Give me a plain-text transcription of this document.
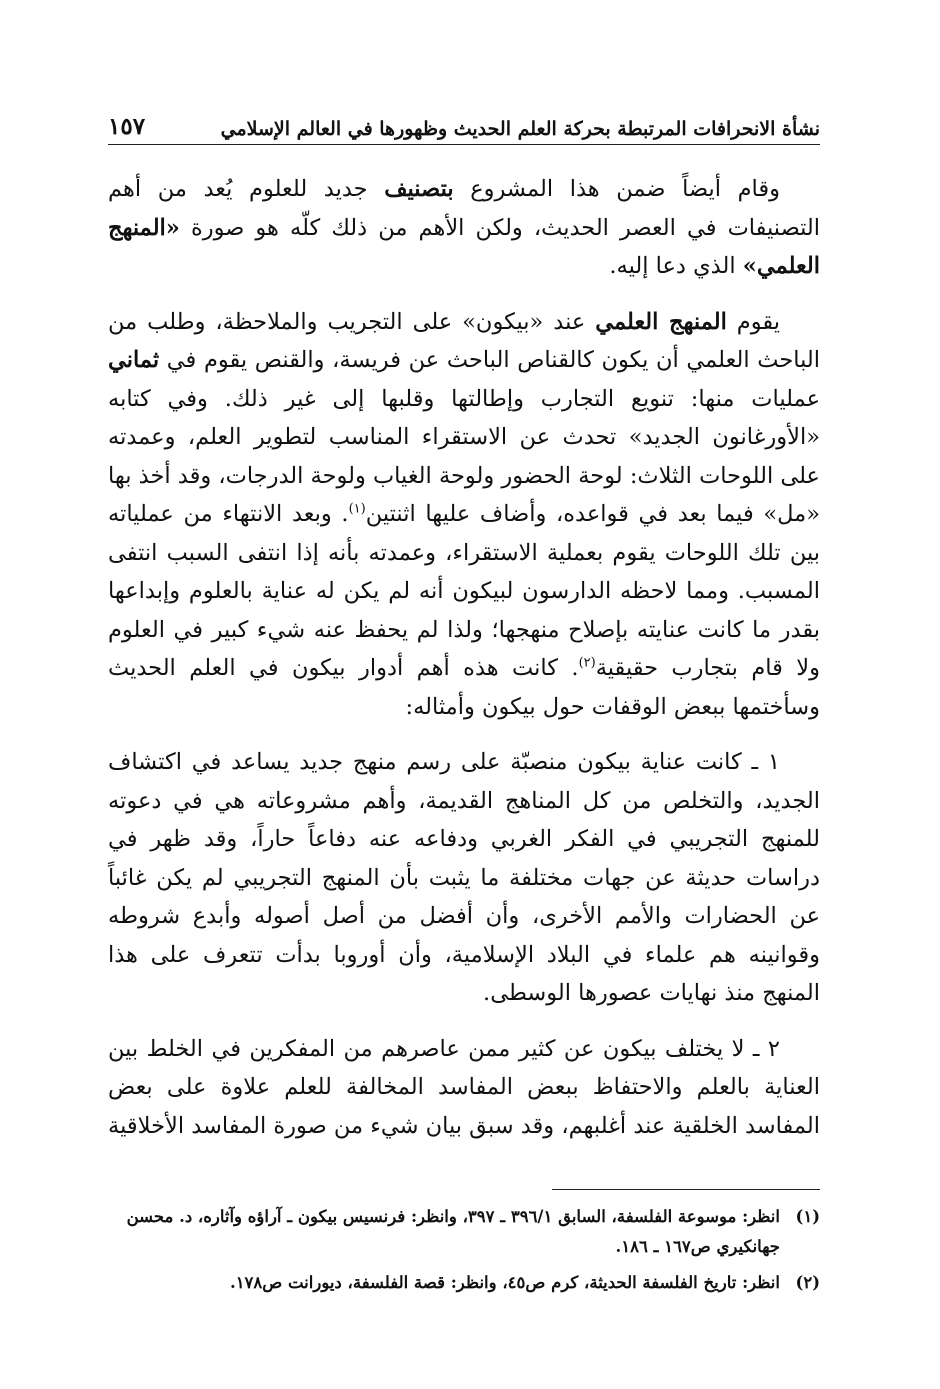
نشأة الانحرافات المرتبطة بحركة العلم الحديث وظهورها في العالم الإسلامي
١٥٧

وقام أيضاً ضمن هذا المشروع بتصنيف جديد للعلوم يُعد من أهم التصنيفات في العصر الحديث، ولكن الأهم من ذلك كلّه هو صورة «المنهج العلمي» الذي دعا إليه.

يقوم المنهج العلمي عند «بيكون» على التجريب والملاحظة، وطلب من الباحث العلمي أن يكون كالقناص الباحث عن فريسة، والقنص يقوم في ثماني عمليات منها: تنويع التجارب وإطالتها وقلبها إلى غير ذلك. وفي كتابه «الأورغانون الجديد» تحدث عن الاستقراء المناسب لتطوير العلم، وعمدته على اللوحات الثلاث: لوحة الحضور ولوحة الغياب ولوحة الدرجات، وقد أخذ بها «مل» فيما بعد في قواعده، وأضاف عليها اثنتين$^{(١)}$. وبعد الانتهاء من عملياته بين تلك اللوحات يقوم بعملية الاستقراء، وعمدته بأنه إذا انتفى السبب انتفى المسبب. ومما لاحظه الدارسون لبيكون أنه لم يكن له عناية بالعلوم وإبداعها بقدر ما كانت عنايته بإصلاح منهجها؛ ولذا لم يحفظ عنه شيء كبير في العلوم ولا قام بتجارب حقيقية$^{(٢)}$. كانت هذه أهم أدوار بيكون في العلم الحديث وسأختمها ببعض الوقفات حول بيكون وأمثاله:

١ ـ كانت عناية بيكون منصبّة على رسم منهج جديد يساعد في اكتشاف الجديد، والتخلص من كل المناهج القديمة، وأهم مشروعاته هي في دعوته للمنهج التجريبي في الفكر الغربي ودفاعه عنه دفاعاً حاراً، وقد ظهر في دراسات حديثة عن جهات مختلفة ما يثبت بأن المنهج التجريبي لم يكن غائباً عن الحضارات والأمم الأخرى، وأن أفضل من أصل أصوله وأبدع شروطه وقوانينه هم علماء في البلاد الإسلامية، وأن أوروبا بدأت تتعرف على هذا المنهج منذ نهايات عصورها الوسطى.

٢ ـ لا يختلف بيكون عن كثير ممن عاصرهم من المفكرين في الخلط بين العناية بالعلم والاحتفاظ ببعض المفاسد المخالفة للعلم علاوة على بعض المفاسد الخلقية عند أغلبهم، وقد سبق بيان شيء من صورة المفاسد الأخلاقية

(١)
انظر: موسوعة الفلسفة، السابق ٣٩٦/١ ـ ٣٩٧، وانظر: فرنسيس بيكون ـ آراؤه وآثاره، د. محسن جهانكيري ص١٦٧ ـ ١٨٦.
(٢)
انظر: تاريخ الفلسفة الحديثة، كرم ص٤٥، وانظر: قصة الفلسفة، ديورانت ص١٧٨.
